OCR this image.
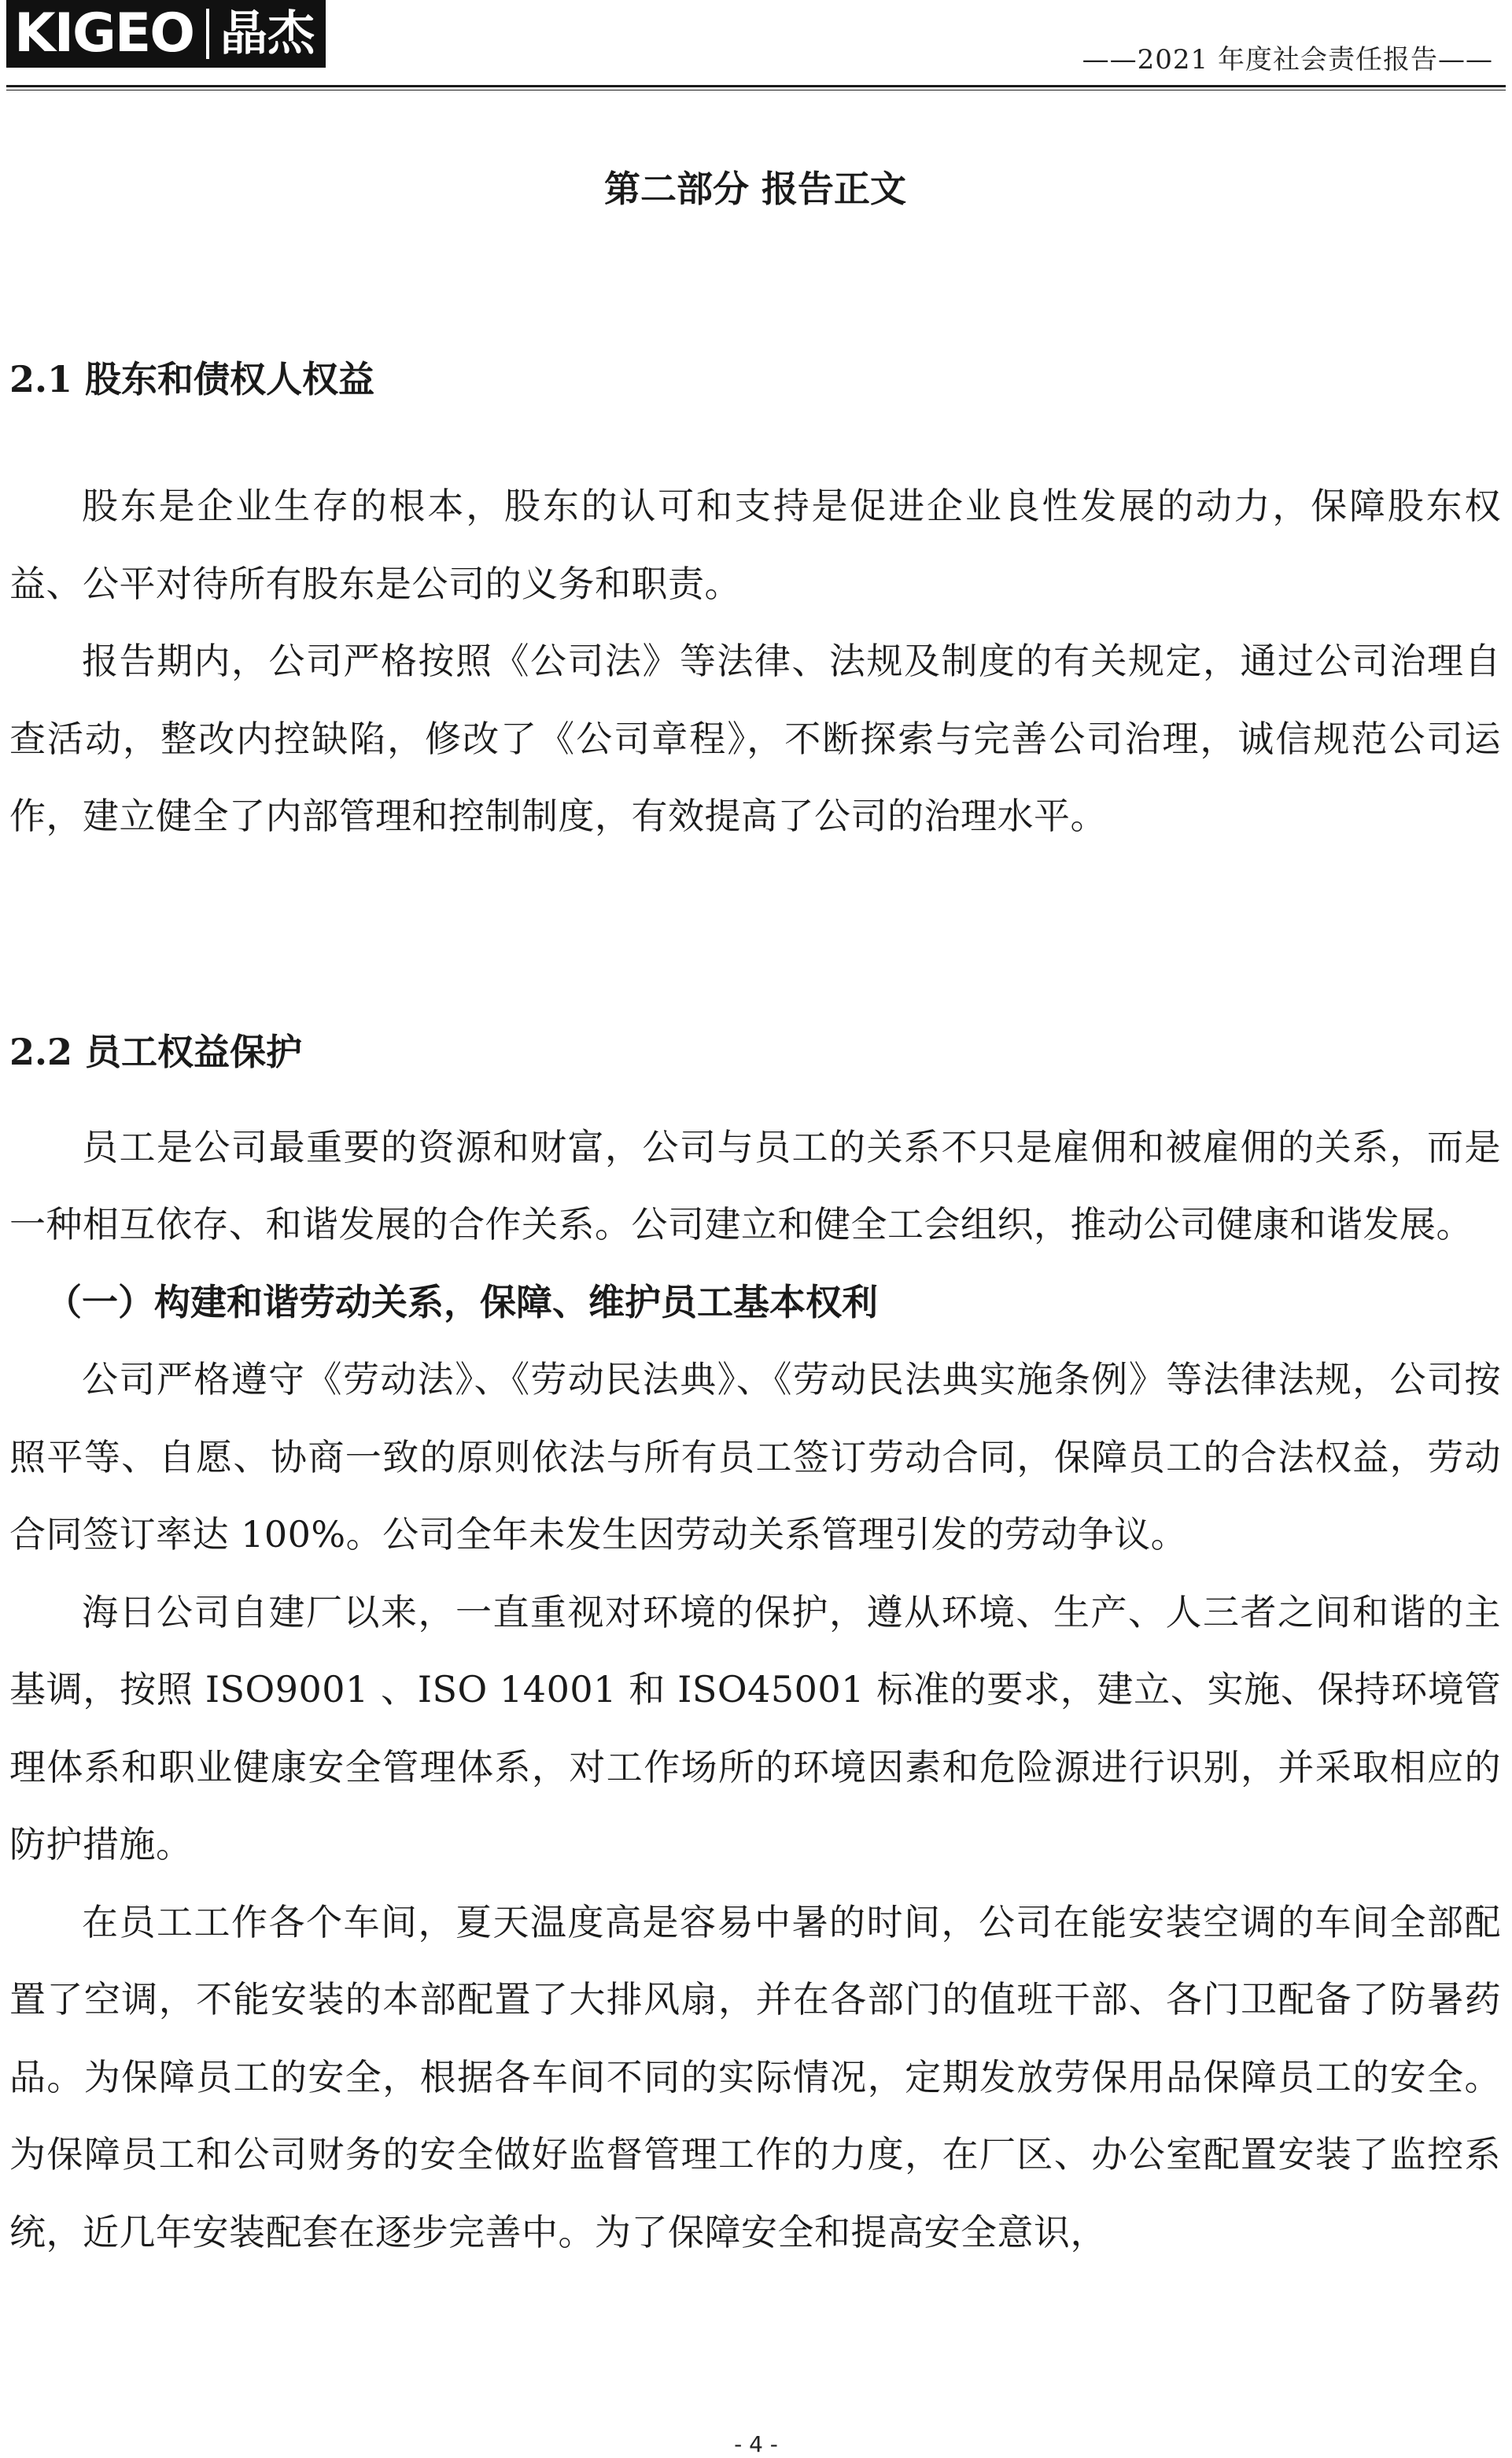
KIGEO 晶杰	——2021 年度社会责任报告——
第二部分 报告正文
2.1 股东和债权人权益

股东是企业生存的根本，股东的认可和支持是促进企业良性发展的动力，保障股东权益、公平对待所有股东是公司的义务和职责。

报告期内，公司严格按照《公司法》等法律、法规及制度的有关规定，通过公司治理自查活动，整改内控缺陷，修改了《公司章程》，不断探索与完善公司治理，诚信规范公司运作，建立健全了内部管理和控制制度，有效提高了公司的治理水平。

2.2 员工权益保护

员工是公司最重要的资源和财富，公司与员工的关系不只是雇佣和被雇佣的关系，而是一种相互依存、和谐发展的合作关系。公司建立和健全工会组织，推动公司健康和谐发展。

（一）构建和谐劳动关系，保障、维护员工基本权利

公司严格遵守《劳动法》、《劳动民法典》、《劳动民法典实施条例》等法律法规，公司按照平等、自愿、协商一致的原则依法与所有员工签订劳动合同，保障员工的合法权益，劳动合同签订率达 100%。公司全年未发生因劳动关系管理引发的劳动争议。

海日公司自建厂以来，一直重视对环境的保护，遵从环境、生产、人三者之间和谐的主基调，按照 ISO9001 、ISO 14001 和 ISO45001 标准的要求，建立、实施、保持环境管理体系和职业健康安全管理体系，对工作场所的环境因素和危险源进行识别，并采取相应的防护措施。

在员工工作各个车间，夏天温度高是容易中暑的时间，公司在能安装空调的车间全部配置了空调，不能安装的本部配置了大排风扇，并在各部门的值班干部、各门卫配备了防暑药品。为保障员工的安全，根据各车间不同的实际情况，定期发放劳保用品保障员工的安全。为保障员工和公司财务的安全做好监督管理工作的力度，在厂区、办公室配置安装了监控系统，近几年安装配套在逐步完善中。为了保障安全和提高安全意识，

- 4 -
